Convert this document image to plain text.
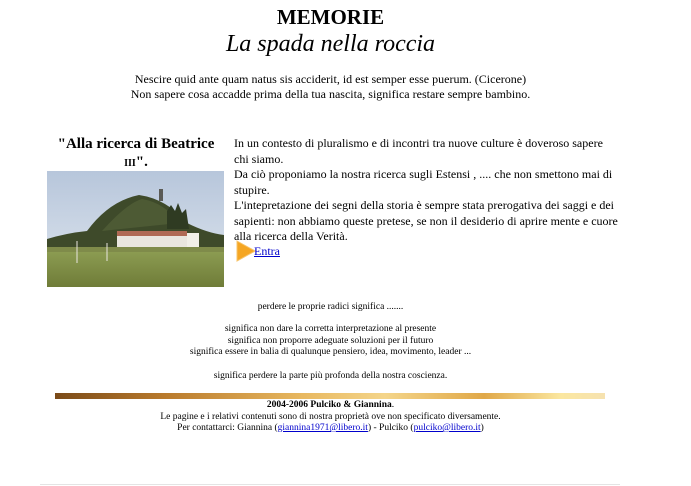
MEMORIE
La spada nella roccia
Nescire quid ante quam natus sis acciderit, id est semper esse puerum. (Cicerone)
Non sapere cosa accadde prima della tua nascita, significa restare sempre bambino.
"Alla ricerca di Beatrice
III".
In un contesto di pluralismo e di incontri tra nuove culture è doveroso sapere chi siamo.
Da ciò proponiamo la nostra ricerca sugli Estensi , .... che non smettono mai di stupire.
L'intepretazione dei segni della storia è sempre stata prerogativa dei saggi e dei sapienti: non abbiamo queste pretese, se non il desiderio di aprire mente e cuore alla ricerca della Verità.
Entra
perdere le proprie radici significa .......
significa non dare la corretta interpretazione al presente
significa non proporre adeguate soluzioni per il futuro
significa essere in balia di qualunque pensiero, idea, movimento, leader ...
significa perdere la parte più profonda della nostra coscienza.
2004-2006 Pulciko & Giannina.
Le pagine e i relativi contenuti sono di nostra proprietà ove non specificato diversamente.
Per contattarci: Giannina (giannina1971@libero.it) - Pulciko (pulciko@libero.it)
